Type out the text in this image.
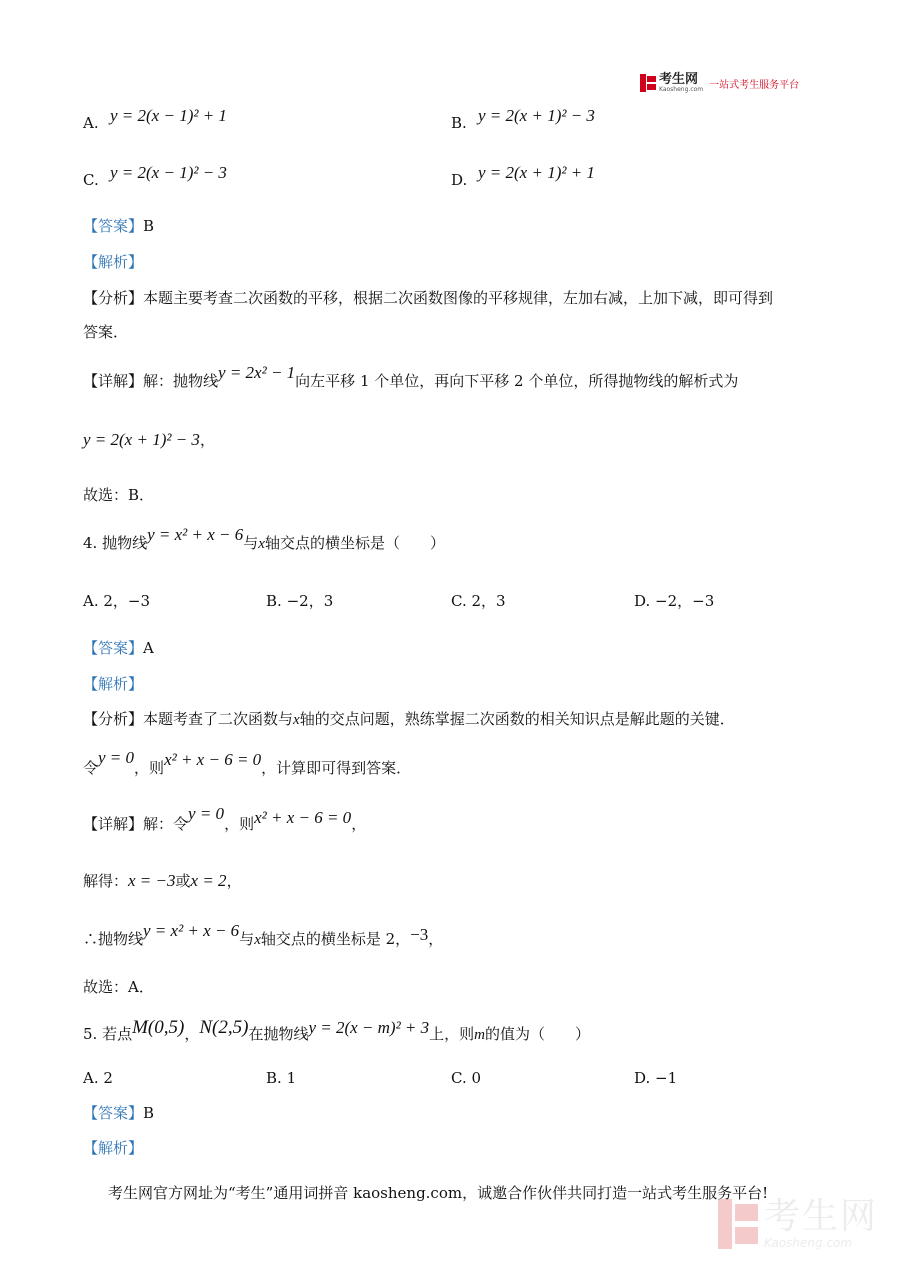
考生网
Kaosheng.com 一站式考生服务平台
A. y = 2(x − 1)² + 1	B. y = 2(x + 1)² − 3
C. y = 2(x − 1)² − 3	D. y = 2(x + 1)² + 1
【答案】B
【解析】
【分析】本题主要考查二次函数的平移，根据二次函数图像的平移规律，左加右减，上加下减，即可得到
答案．
【详解】解：抛物线y = 2x² − 1向左平移 1 个单位，再向下平移 2 个单位，所得抛物线的解析式为
y = 2(x + 1)² − 3，
故选：B．
4. 抛物线y = x² + x − 6与x轴交点的横坐标是（　　）
A. 2，−3	B. −2，3	C. 2，3	D. −2，−3
【答案】A
【解析】
【分析】本题考查了二次函数与x轴的交点问题，熟练掌握二次函数的相关知识点是解此题的关键．
令y = 0，则x² + x − 6 = 0，计算即可得到答案．
【详解】解：令y = 0，则x² + x − 6 = 0，
解得：x = −3或x = 2，
∴抛物线y = x² + x − 6与x轴交点的横坐标是 2，−3，
故选：A．
5. 若点M(0,5)，N(2,5)在抛物线y = 2(x − m)² + 3上，则m的值为（　　）
A. 2	B. 1	C. 0	D. −1
【答案】B
【解析】
考生网官方网址为“考生”通用词拼音 kaosheng.com，诚邀合作伙伴共同打造一站式考生服务平台!
考生网
Kaosheng.com
